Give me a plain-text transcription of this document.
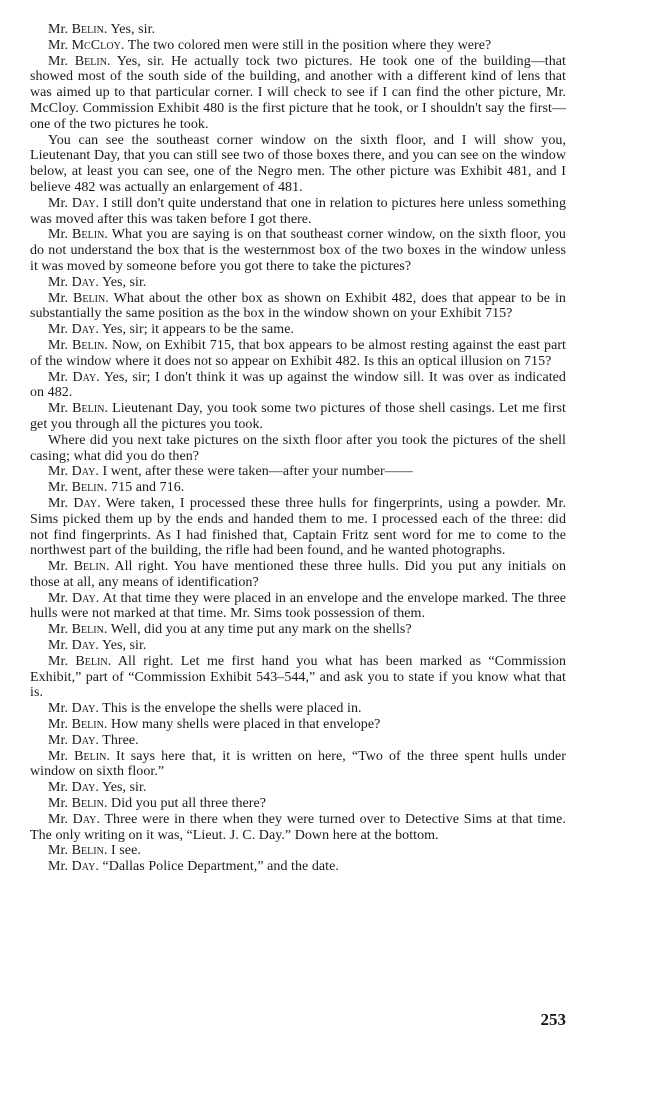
Mr. Belin. Yes, sir.

Mr. McCloy. The two colored men were still in the position where they were?

Mr. Belin. Yes, sir. He actually tock two pictures. He took one of the building—that showed most of the south side of the building, and another with a different kind of lens that was aimed up to that particular corner. I will check to see if I can find the other picture, Mr. McCloy. Commission Exhibit 480 is the first picture that he took, or I shouldn't say the first—one of the two pictures he took.

You can see the southeast corner window on the sixth floor, and I will show you, Lieutenant Day, that you can still see two of those boxes there, and you can see on the window below, at least you can see, one of the Negro men. The other picture was Exhibit 481, and I believe 482 was actually an enlargement of 481.

Mr. Day. I still don't quite understand that one in relation to pictures here unless something was moved after this was taken before I got there.

Mr. Belin. What you are saying is on that southeast corner window, on the sixth floor, you do not understand the box that is the westernmost box of the two boxes in the window unless it was moved by someone before you got there to take the pictures?

Mr. Day. Yes, sir.

Mr. Belin. What about the other box as shown on Exhibit 482, does that appear to be in substantially the same position as the box in the window shown on your Exhibit 715?

Mr. Day. Yes, sir; it appears to be the same.

Mr. Belin. Now, on Exhibit 715, that box appears to be almost resting against the east part of the window where it does not so appear on Exhibit 482. Is this an optical illusion on 715?

Mr. Day. Yes, sir; I don't think it was up against the window sill. It was over as indicated on 482.

Mr. Belin. Lieutenant Day, you took some two pictures of those shell casings. Let me first get you through all the pictures you took.

Where did you next take pictures on the sixth floor after you took the pictures of the shell casing; what did you do then?

Mr. Day. I went, after these were taken—after your number——

Mr. Belin. 715 and 716.

Mr. Day. Were taken, I processed these three hulls for fingerprints, using a powder. Mr. Sims picked them up by the ends and handed them to me. I processed each of the three: did not find fingerprints. As I had finished that, Captain Fritz sent word for me to come to the northwest part of the building, the rifle had been found, and he wanted photographs.

Mr. Belin. All right. You have mentioned these three hulls. Did you put any initials on those at all, any means of identification?

Mr. Day. At that time they were placed in an envelope and the envelope marked. The three hulls were not marked at that time. Mr. Sims took possession of them.

Mr. Belin. Well, did you at any time put any mark on the shells?

Mr. Day. Yes, sir.

Mr. Belin. All right. Let me first hand you what has been marked as “Commission Exhibit,” part of “Commission Exhibit 543–544,” and ask you to state if you know what that is.

Mr. Day. This is the envelope the shells were placed in.

Mr. Belin. How many shells were placed in that envelope?

Mr. Day. Three.

Mr. Belin. It says here that, it is written on here, “Two of the three spent hulls under window on sixth floor.”

Mr. Day. Yes, sir.

Mr. Belin. Did you put all three there?

Mr. Day. Three were in there when they were turned over to Detective Sims at that time. The only writing on it was, “Lieut. J. C. Day.” Down here at the bottom.

Mr. Belin. I see.

Mr. Day. “Dallas Police Department,” and the date.

253
